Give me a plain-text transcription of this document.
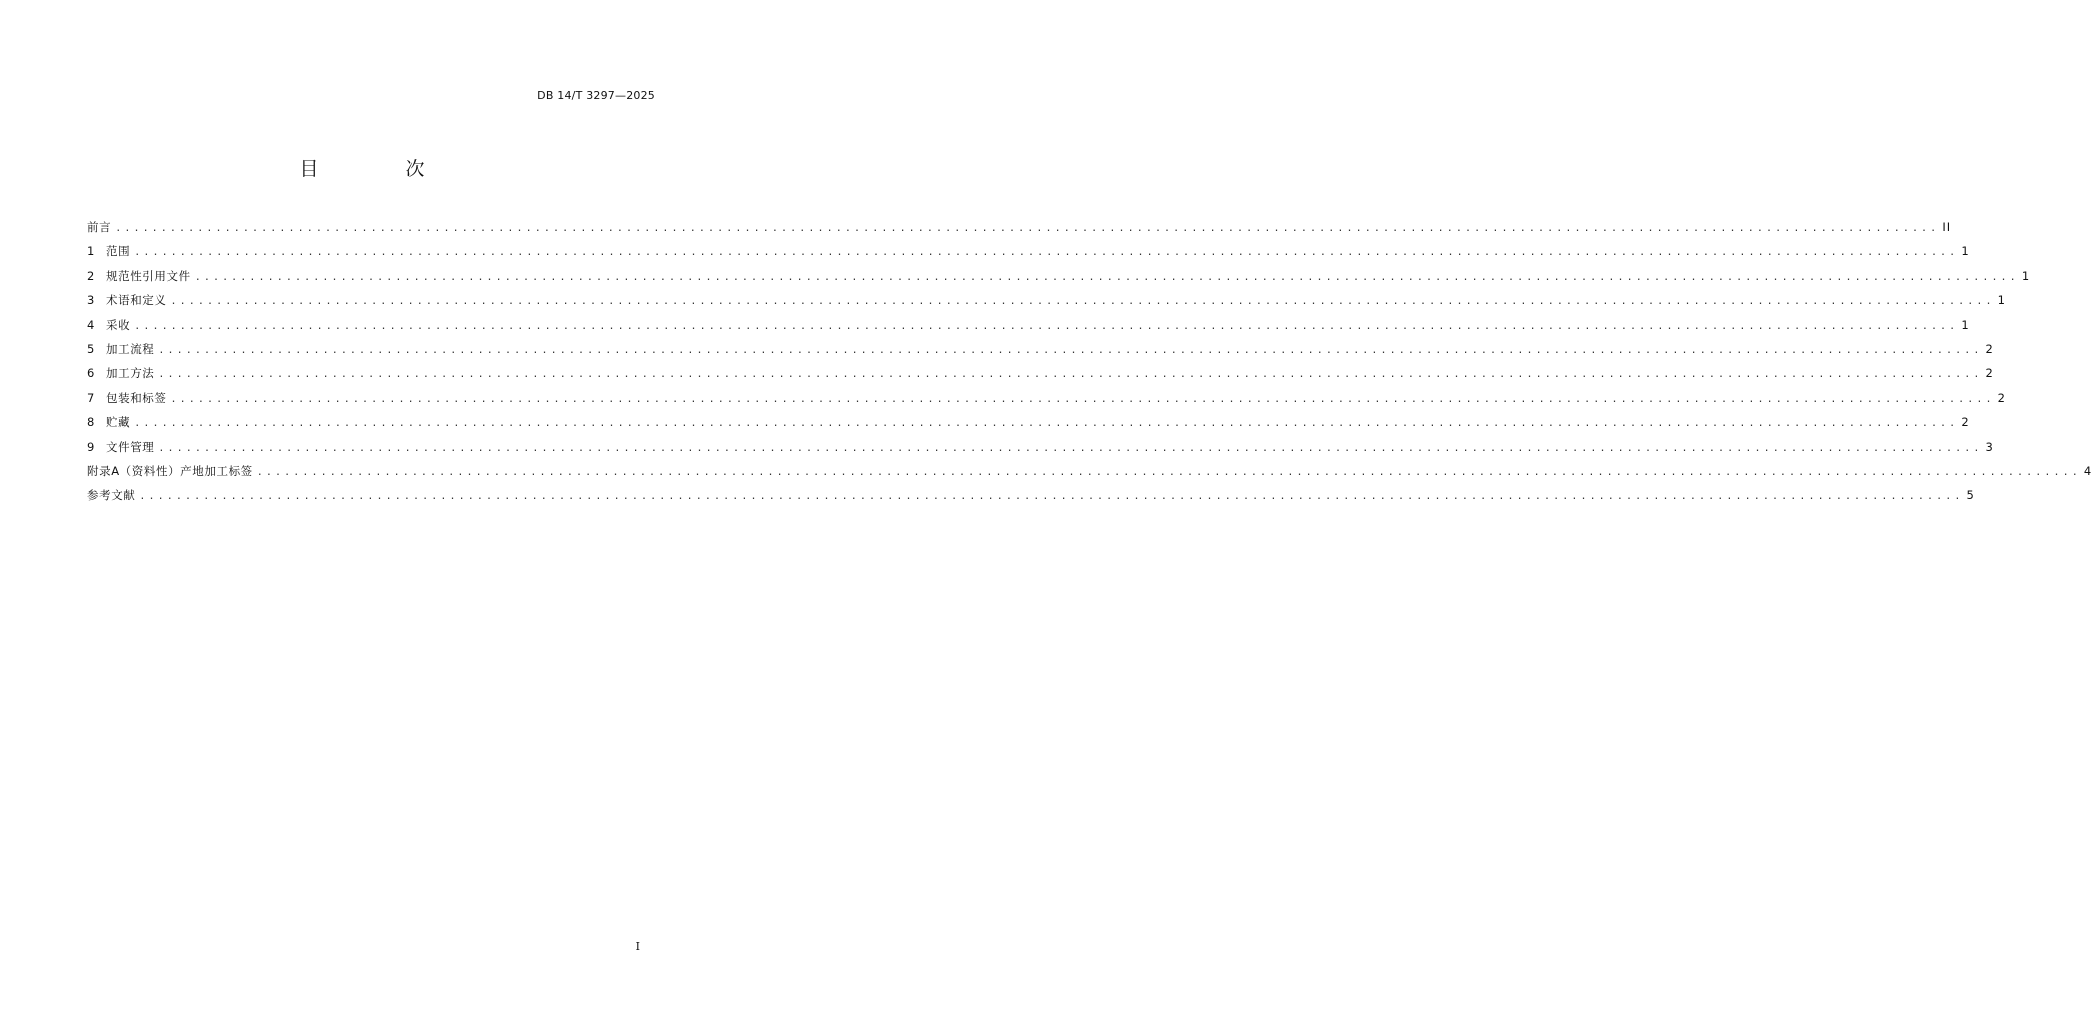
DB 14/T 3297—2025
目　次
前言 ........................................................................................................................................................................................................ II
1	范围 ........................................................................................................................................................................................................ 1
2	规范性引用文件 ........................................................................................................................................................................................................ 1
3	术语和定义 ........................................................................................................................................................................................................ 1
4	采收 ........................................................................................................................................................................................................ 1
5	加工流程 ........................................................................................................................................................................................................ 2
6	加工方法 ........................................................................................................................................................................................................ 2
7	包装和标签 ........................................................................................................................................................................................................ 2
8	贮藏 ........................................................................................................................................................................................................ 2
9	文件管理 ........................................................................................................................................................................................................ 3
附录A（资料性）产地加工标签 ........................................................................................................................................................................................................ 4
参考文献 ........................................................................................................................................................................................................ 5
I
